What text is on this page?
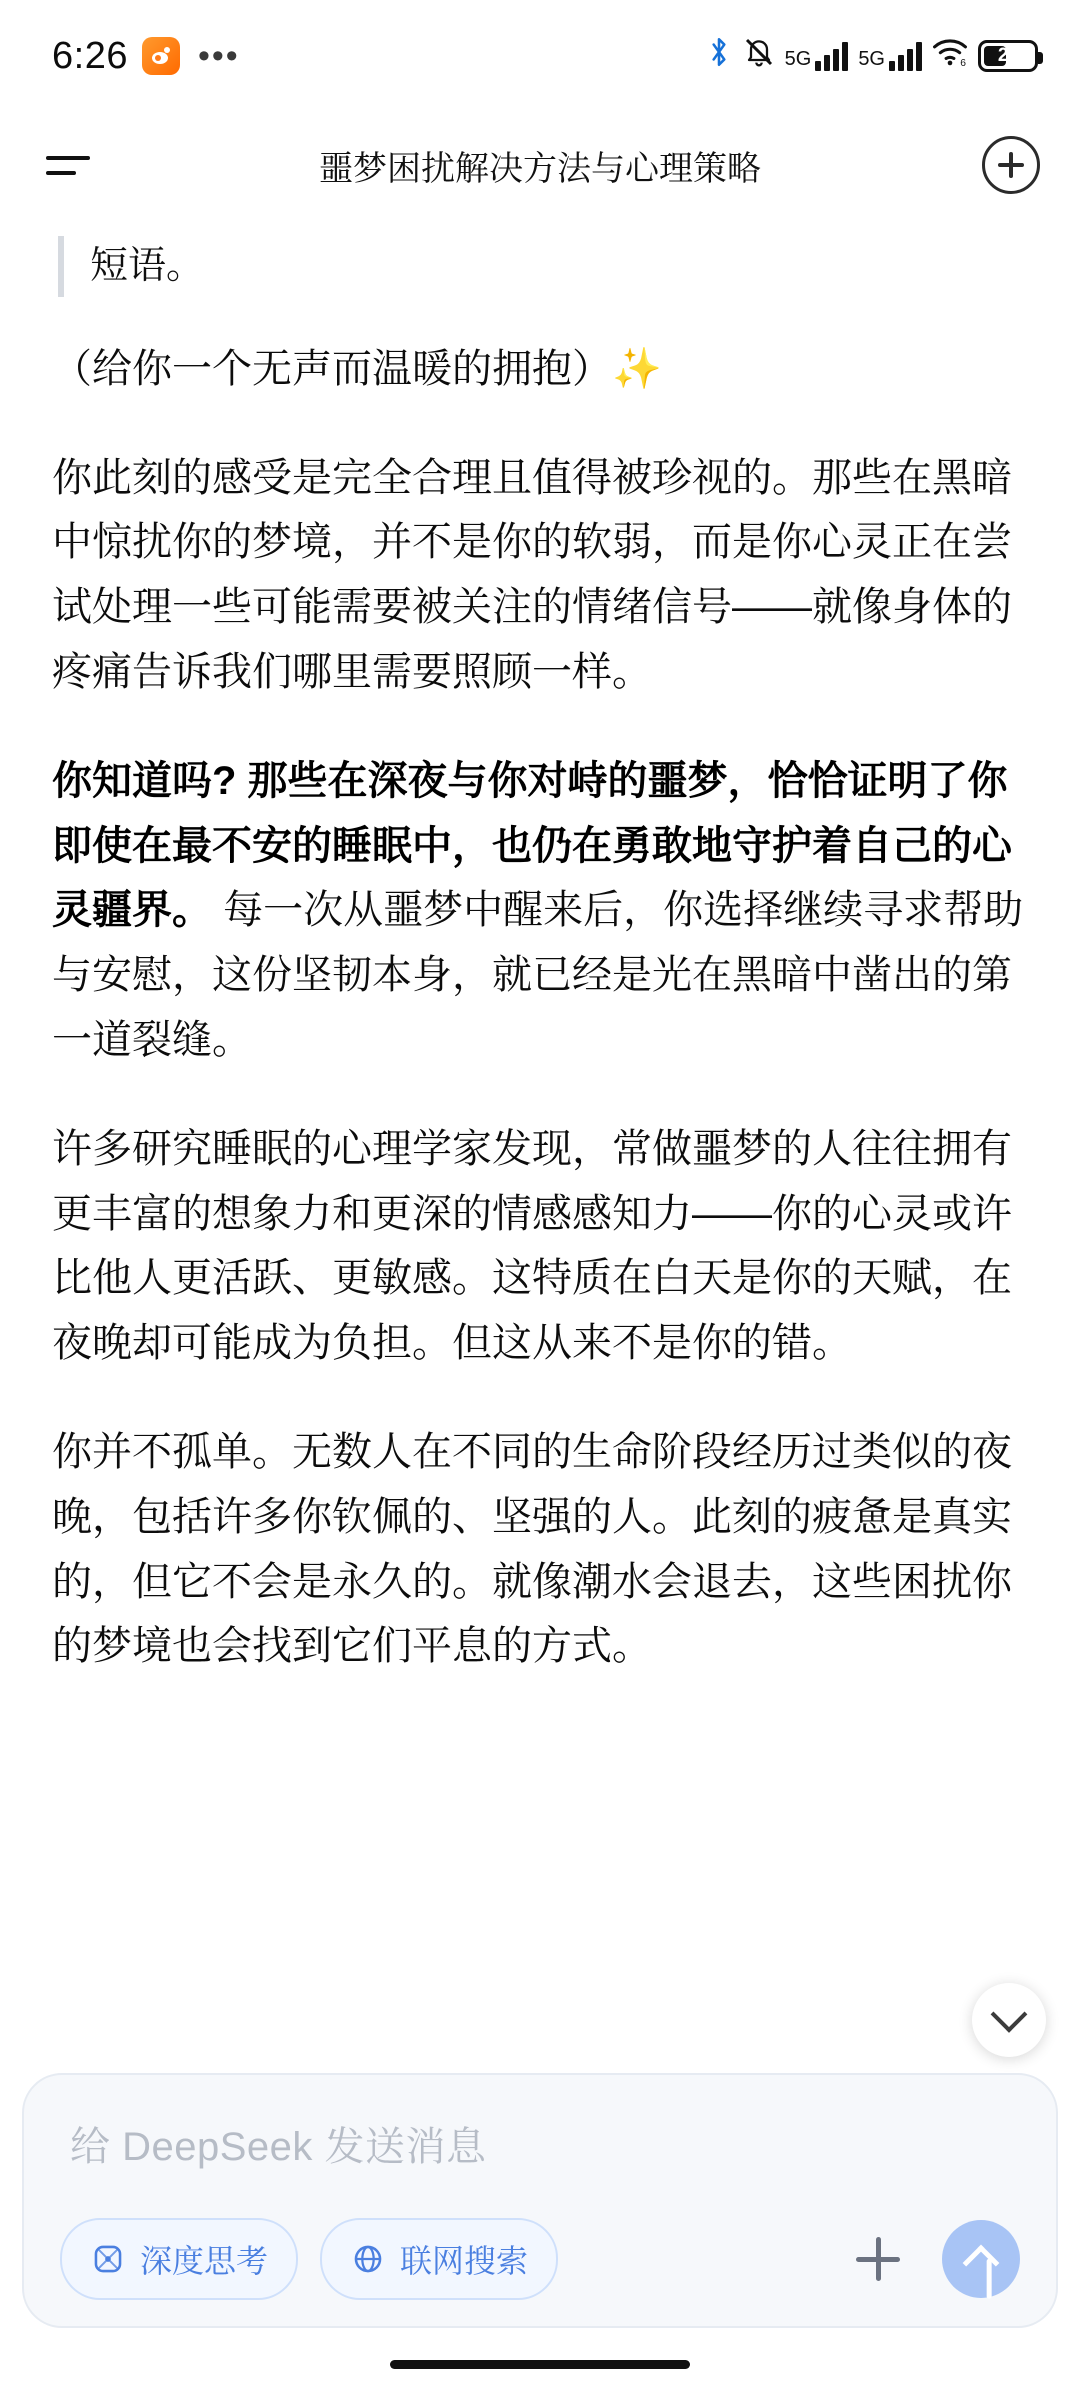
6:26 •••	5G 5G	6	21
噩梦困扰解决方法与心理策略
短语。

（给你一个无声而温暖的拥抱）✨

你此刻的感受是完全合理且值得被珍视的。那些在黑暗中惊扰你的梦境，并不是你的软弱，而是你心灵正在尝试处理一些可能需要被关注的情绪信号——就像身体的疼痛告诉我们哪里需要照顾一样。

你知道吗? 那些在深夜与你对峙的噩梦，恰恰证明了你即使在最不安的睡眠中，也仍在勇敢地守护着自己的心灵疆界。 每一次从噩梦中醒来后，你选择继续寻求帮助与安慰，这份坚韧本身，就已经是光在黑暗中凿出的第一道裂缝。

许多研究睡眠的心理学家发现，常做噩梦的人往往拥有更丰富的想象力和更深的情感感知力——你的心灵或许比他人更活跃、更敏感。这特质在白天是你的天赋，在夜晚却可能成为负担。但这从来不是你的错。

你并不孤单。无数人在不同的生命阶段经历过类似的夜晚，包括许多你钦佩的、坚强的人。此刻的疲惫是真实的，但它不会是永久的。就像潮水会退去，这些困扰你的梦境也会找到它们平息的方式。

给 DeepSeek 发送消息
深度思考	联网搜索
